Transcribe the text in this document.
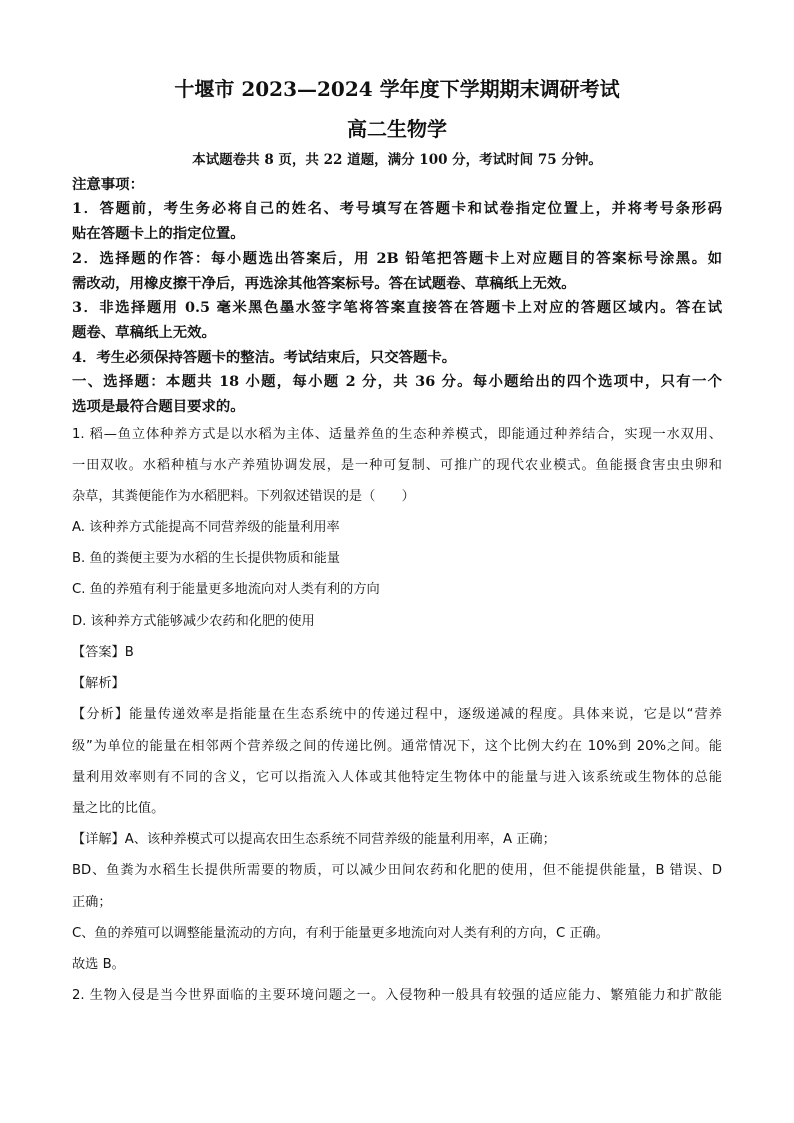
十堰市 2023—2024 学年度下学期期末调研考试
高二生物学
本试题卷共 8 页，共 22 道题，满分 100 分，考试时间 75 分钟。
注意事项：
1．答题前，考生务必将自己的姓名、考号填写在答题卡和试卷指定位置上，并将考号条形码
贴在答题卡上的指定位置。
2．选择题的作答：每小题选出答案后，用 2B 铅笔把答题卡上对应题目的答案标号涂黑。如
需改动，用橡皮擦干净后，再选涂其他答案标号。答在试题卷、草稿纸上无效。
3．非选择题用 0.5 毫米黑色墨水签字笔将答案直接答在答题卡上对应的答题区域内。答在试
题卷、草稿纸上无效。
4．考生必须保持答题卡的整洁。考试结束后，只交答题卡。
一、选择题：本题共 18 小题，每小题 2 分，共 36 分。每小题给出的四个选项中，只有一个
选项是最符合题目要求的。
1. 稻—鱼立体种养方式是以水稻为主体、适量养鱼的生态种养模式，即能通过种养结合，实现一水双用、
一田双收。水稻种植与水产养殖协调发展，是一种可复制、可推广的现代农业模式。鱼能摄食害虫虫卵和
杂草，其粪便能作为水稻肥料。下列叙述错误的是（　　）
A. 该种养方式能提高不同营养级的能量利用率
B. 鱼的粪便主要为水稻的生长提供物质和能量
C. 鱼的养殖有利于能量更多地流向对人类有利的方向
D. 该种养方式能够减少农药和化肥的使用
【答案】B
【解析】
【分析】能量传递效率是指能量在生态系统中的传递过程中，逐级递减的程度。具体来说，它是以“营养
级”为单位的能量在相邻两个营养级之间的传递比例。通常情况下，这个比例大约在 10%到 20%之间。能
量利用效率则有不同的含义，它可以指流入人体或其他特定生物体中的能量与进入该系统或生物体的总能
量之比的比值。
【详解】A、该种养模式可以提高农田生态系统不同营养级的能量利用率，A 正确；
BD、鱼粪为水稻生长提供所需要的物质，可以减少田间农药和化肥的使用，但不能提供能量，B 错误、D
正确；
C、鱼的养殖可以调整能量流动的方向，有利于能量更多地流向对人类有利的方向，C 正确。
故选 B。
2. 生物入侵是当今世界面临的主要环境问题之一。入侵物种一般具有较强的适应能力、繁殖能力和扩散能
